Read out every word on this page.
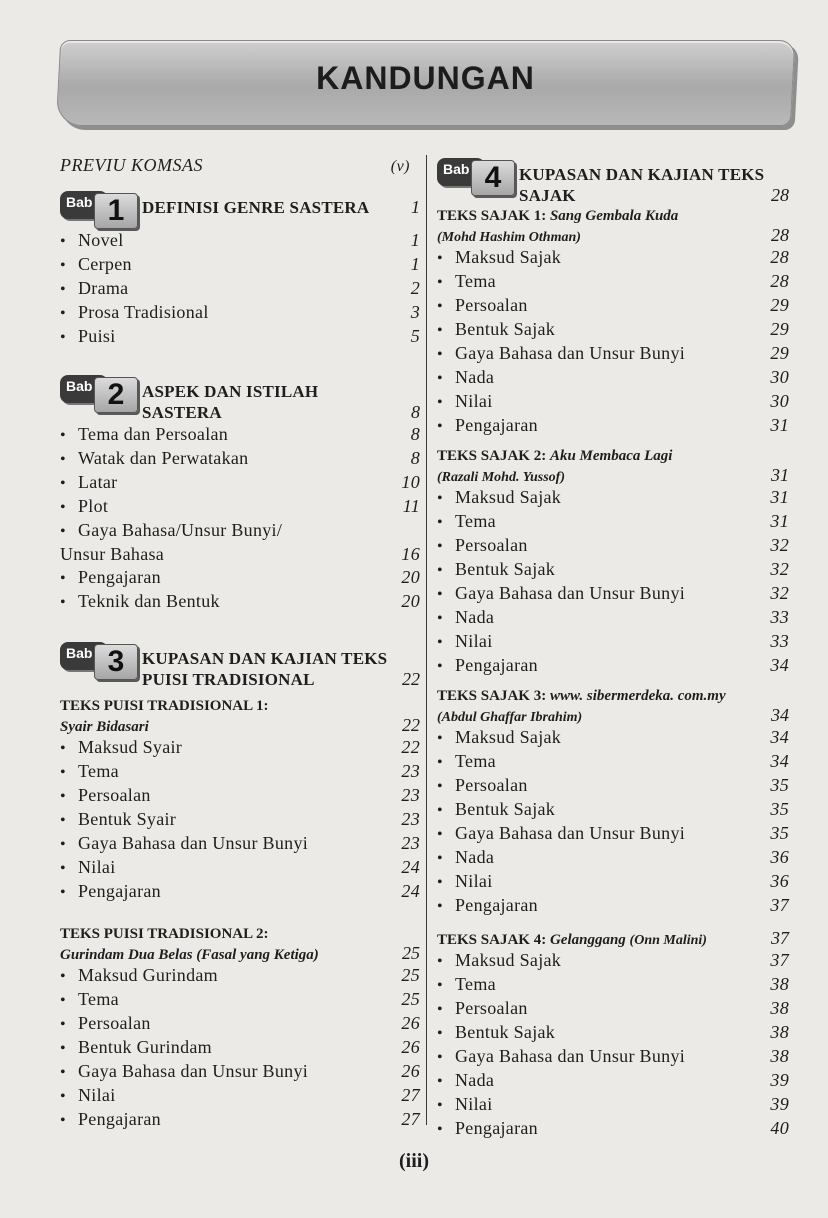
KANDUNGAN
PREVIU KOMSAS	(v)
Bab 1	DEFINISI GENRE SASTERA 1
• Novel	1
• Cerpen	1
• Drama	2
• Prosa Tradisional	3
• Puisi	5
Bab 2	ASPEK DAN ISTILAH
SASTERA	8
• Tema dan Persoalan	8
• Watak dan Perwatakan	8
• Latar	10
• Plot	11
• Gaya Bahasa/Unsur Bunyi/
Unsur Bahasa	16
• Pengajaran	20
• Teknik dan Bentuk	20
Bab 3	KUPASAN DAN KAJIAN TEKS
PUISI TRADISIONAL	22
TEKS PUISI TRADISIONAL 1:
Syair Bidasari	22
• Maksud Syair	22
• Tema	23
• Persoalan	23
• Bentuk Syair	23
• Gaya Bahasa dan Unsur Bunyi	23
• Nilai	24
• Pengajaran	24
TEKS PUISI TRADISIONAL 2:
Gurindam Dua Belas (Fasal yang Ketiga)	25
• Maksud Gurindam	25
• Tema	25
• Persoalan	26
• Bentuk Gurindam	26
• Gaya Bahasa dan Unsur Bunyi	26
• Nilai	27
• Pengajaran	27
Bab 4	KUPASAN DAN KAJIAN TEKS
SAJAK	28
TEKS SAJAK 1: Sang Gembala Kuda
(Mohd Hashim Othman)	28
• Maksud Sajak	28
• Tema	28
• Persoalan	29
• Bentuk Sajak	29
• Gaya Bahasa dan Unsur Bunyi	29
• Nada	30
• Nilai	30
• Pengajaran	31
TEKS SAJAK 2: Aku Membaca Lagi
(Razali Mohd. Yussof)	31
• Maksud Sajak	31
• Tema	31
• Persoalan	32
• Bentuk Sajak	32
• Gaya Bahasa dan Unsur Bunyi	32
• Nada	33
• Nilai	33
• Pengajaran	34
TEKS SAJAK 3: www. sibermerdeka. com.my
(Abdul Ghaffar Ibrahim)	34
• Maksud Sajak	34
• Tema	34
• Persoalan	35
• Bentuk Sajak	35
• Gaya Bahasa dan Unsur Bunyi	35
• Nada	36
• Nilai	36
• Pengajaran	37
TEKS SAJAK 4: Gelanggang (Onn Malini)	37
• Maksud Sajak	37
• Tema	38
• Persoalan	38
• Bentuk Sajak	38
• Gaya Bahasa dan Unsur Bunyi	38
• Nada	39
• Nilai	39
• Pengajaran	40
(iii)
